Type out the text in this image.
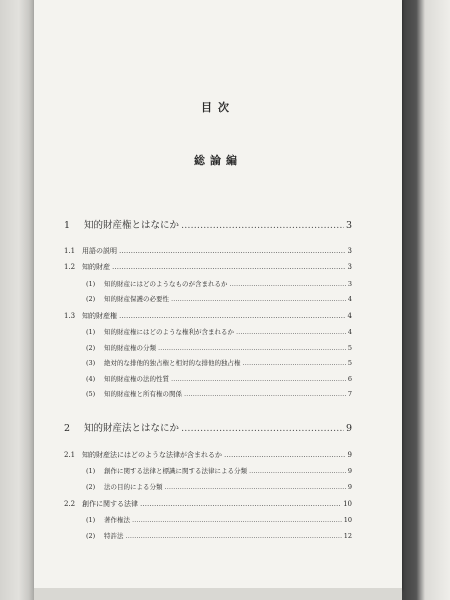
目次
総論編
1	知的財産権とはなにか …………………………………………………………………………………………………………………………………………………………………	3
1.1 用語の説明 …………………………………………………………………………………………………………………………………………………………………	3
1.2 知的財産 …………………………………………………………………………………………………………………………………………………………………	3
(1)	知的財産にはどのようなものが含まれるか …………………………………………………………………………………………………………………………………………………………………	3
(2)	知的財産保護の必要性 …………………………………………………………………………………………………………………………………………………………………	4
1.3 知的財産権 …………………………………………………………………………………………………………………………………………………………………	4
(1)	知的財産権にはどのような権利が含まれるか …………………………………………………………………………………………………………………………………………………………………	4
(2)	知的財産権の分類 …………………………………………………………………………………………………………………………………………………………………	5
(3)	絶対的な排他的独占権と相対的な排他的独占権 …………………………………………………………………………………………………………………………………………………………………	5
(4)	知的財産権の法的性質 …………………………………………………………………………………………………………………………………………………………………	6
(5)	知的財産権と所有権の関係 …………………………………………………………………………………………………………………………………………………………………	7
2	知的財産法とはなにか …………………………………………………………………………………………………………………………………………………………………	9
2.1 知的財産法にはどのような法律が含まれるか …………………………………………………………………………………………………………………………………………………………………	9
(1)	創作に関する法律と標識に関する法律による分類 …………………………………………………………………………………………………………………………………………………………………	9
(2)	法の目的による分類 …………………………………………………………………………………………………………………………………………………………………	9
2.2 創作に関する法律 …………………………………………………………………………………………………………………………………………………………………	10
(1)	著作権法 …………………………………………………………………………………………………………………………………………………………………	10
(2)	特許法 …………………………………………………………………………………………………………………………………………………………………	12
